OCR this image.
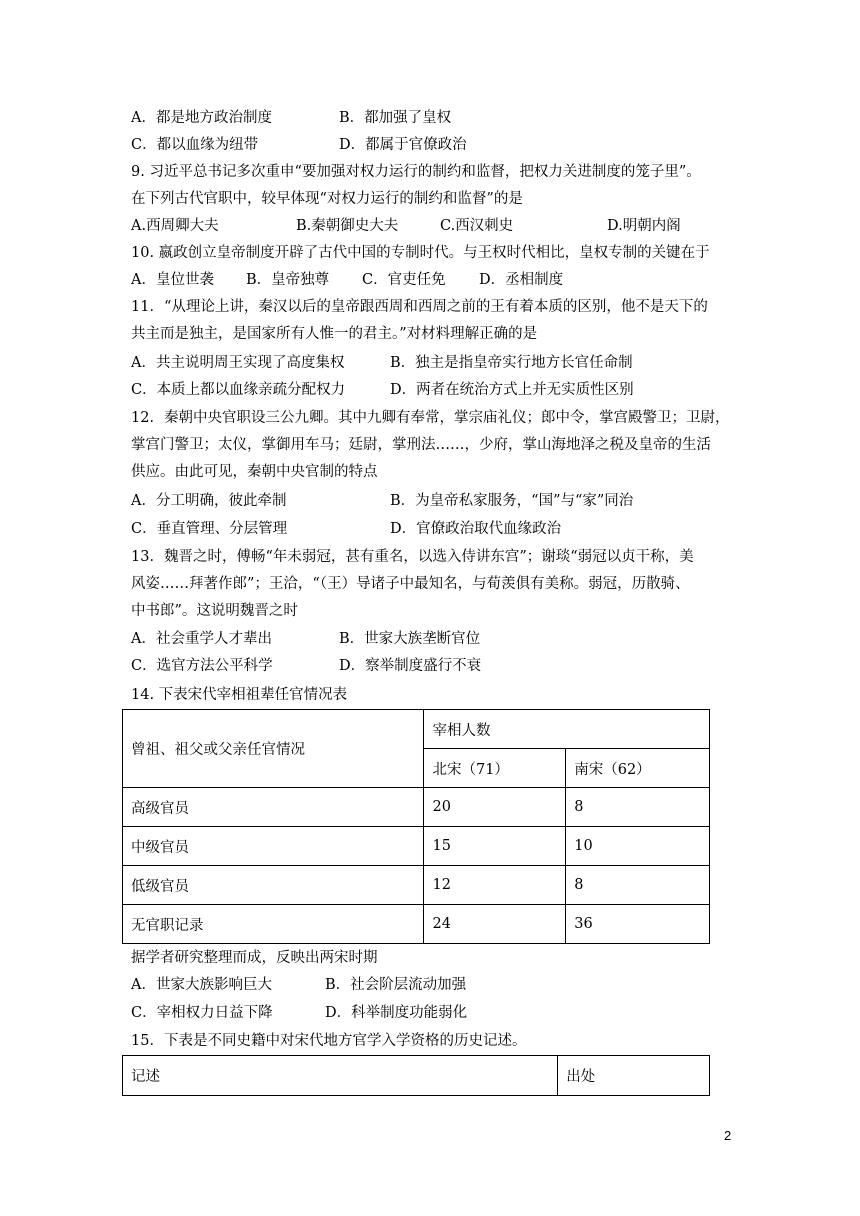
A．都是地方政治制度	B．都加强了皇权
C．都以血缘为纽带	D．都属于官僚政治
9. 习近平总书记多次重申“要加强对权力运行的制约和监督，把权力关进制度的笼子里”。
在下列古代官职中，较早体现“对权力运行的制约和监督”的是
A.西周卿大夫	B.秦朝御史大夫	C.西汉刺史	D.明朝内阁
10. 嬴政创立皇帝制度开辟了古代中国的专制时代。与王权时代相比，皇权专制的关键在于
A．皇位世袭 B．皇帝独尊 C．官吏任免 D．丞相制度
11．“从理论上讲，秦汉以后的皇帝跟西周和西周之前的王有着本质的区别，他不是天下的
共主而是独主，是国家所有人惟一的君主。”对材料理解正确的是
A．共主说明周王实现了高度集权	B．独主是指皇帝实行地方长官任命制
C．本质上都以血缘亲疏分配权力	D．两者在统治方式上并无实质性区别
12．秦朝中央官职设三公九卿。其中九卿有奉常，掌宗庙礼仪；郎中令，掌宫殿警卫；卫尉，
掌宫门警卫；太仪，掌御用车马；廷尉，掌刑法……，少府，掌山海地泽之税及皇帝的生活
供应。由此可见，秦朝中央官制的特点
A．分工明确，彼此牵制	B．为皇帝私家服务，“国”与“家”同治
C．垂直管理、分层管理	D．官僚政治取代血缘政治
13．魏晋之时，傅畅“年未弱冠，甚有重名，以选入侍讲东宫”；谢琰“弱冠以贞干称，美
风姿……拜著作郎”；王洽，“（王）导诸子中最知名，与荀羡俱有美称。弱冠，历散骑、
中书郎”。这说明魏晋之时
A．社会重学人才辈出	B．世家大族垄断官位
C．选官方法公平科学	D．察举制度盛行不衰
14. 下表宋代宰相祖辈任官情况表
曾祖、祖父或父亲任官情况	宰相人数	
	北宋（71）	南宋（62）
高级官员	20	8
中级官员	15	10
低级官员	12	8
无官职记录	24	36
据学者研究整理而成，反映出两宋时期
A．世家大族影响巨大	B．社会阶层流动加强
C．宰相权力日益下降	D．科举制度功能弱化
15．下表是不同史籍中对宋代地方官学入学资格的历史记述。
记述	出处
2
